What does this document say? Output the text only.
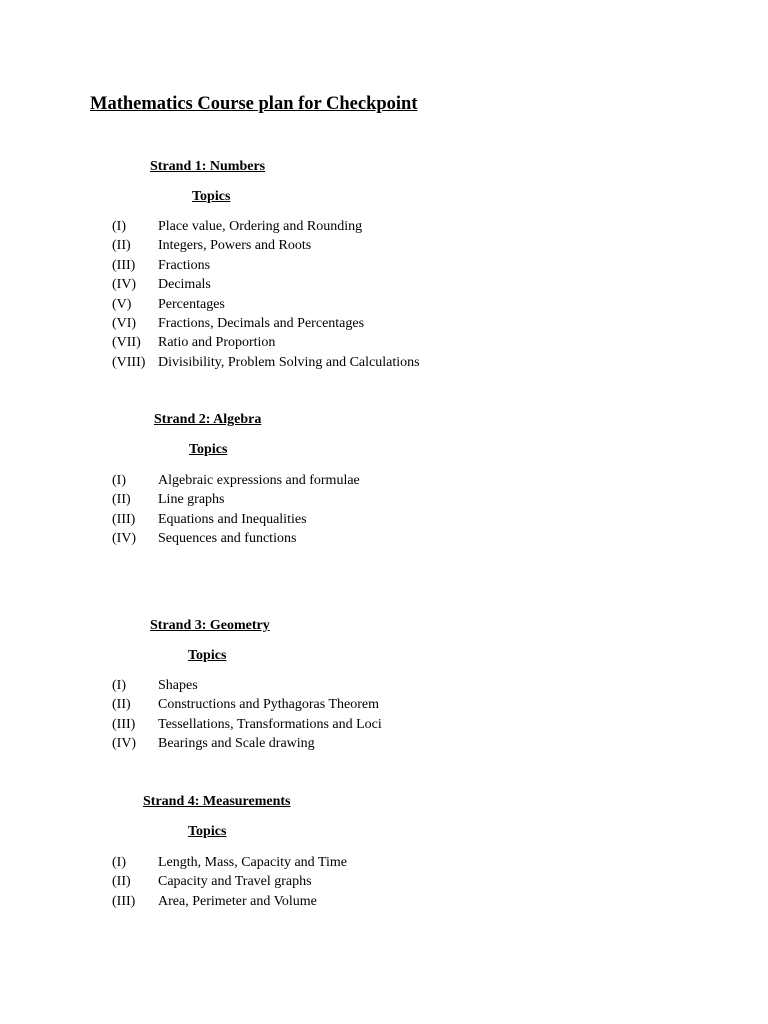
Mathematics Course plan for Checkpoint
Strand 1: Numbers
Topics
(I) Place value, Ordering and Rounding
(II) Integers, Powers and Roots
(III) Fractions
(IV) Decimals
(V) Percentages
(VI) Fractions, Decimals and Percentages
(VII) Ratio and Proportion
(VIII) Divisibility, Problem Solving and Calculations
Strand 2: Algebra
Topics
(I) Algebraic expressions and formulae
(II) Line graphs
(III) Equations and Inequalities
(IV) Sequences and functions
Strand 3: Geometry
Topics
(I) Shapes
(II) Constructions and Pythagoras Theorem
(III) Tessellations, Transformations and Loci
(IV) Bearings and Scale drawing
Strand 4: Measurements
Topics
(I) Length, Mass, Capacity and Time
(II) Capacity and Travel graphs
(III) Area, Perimeter and Volume
